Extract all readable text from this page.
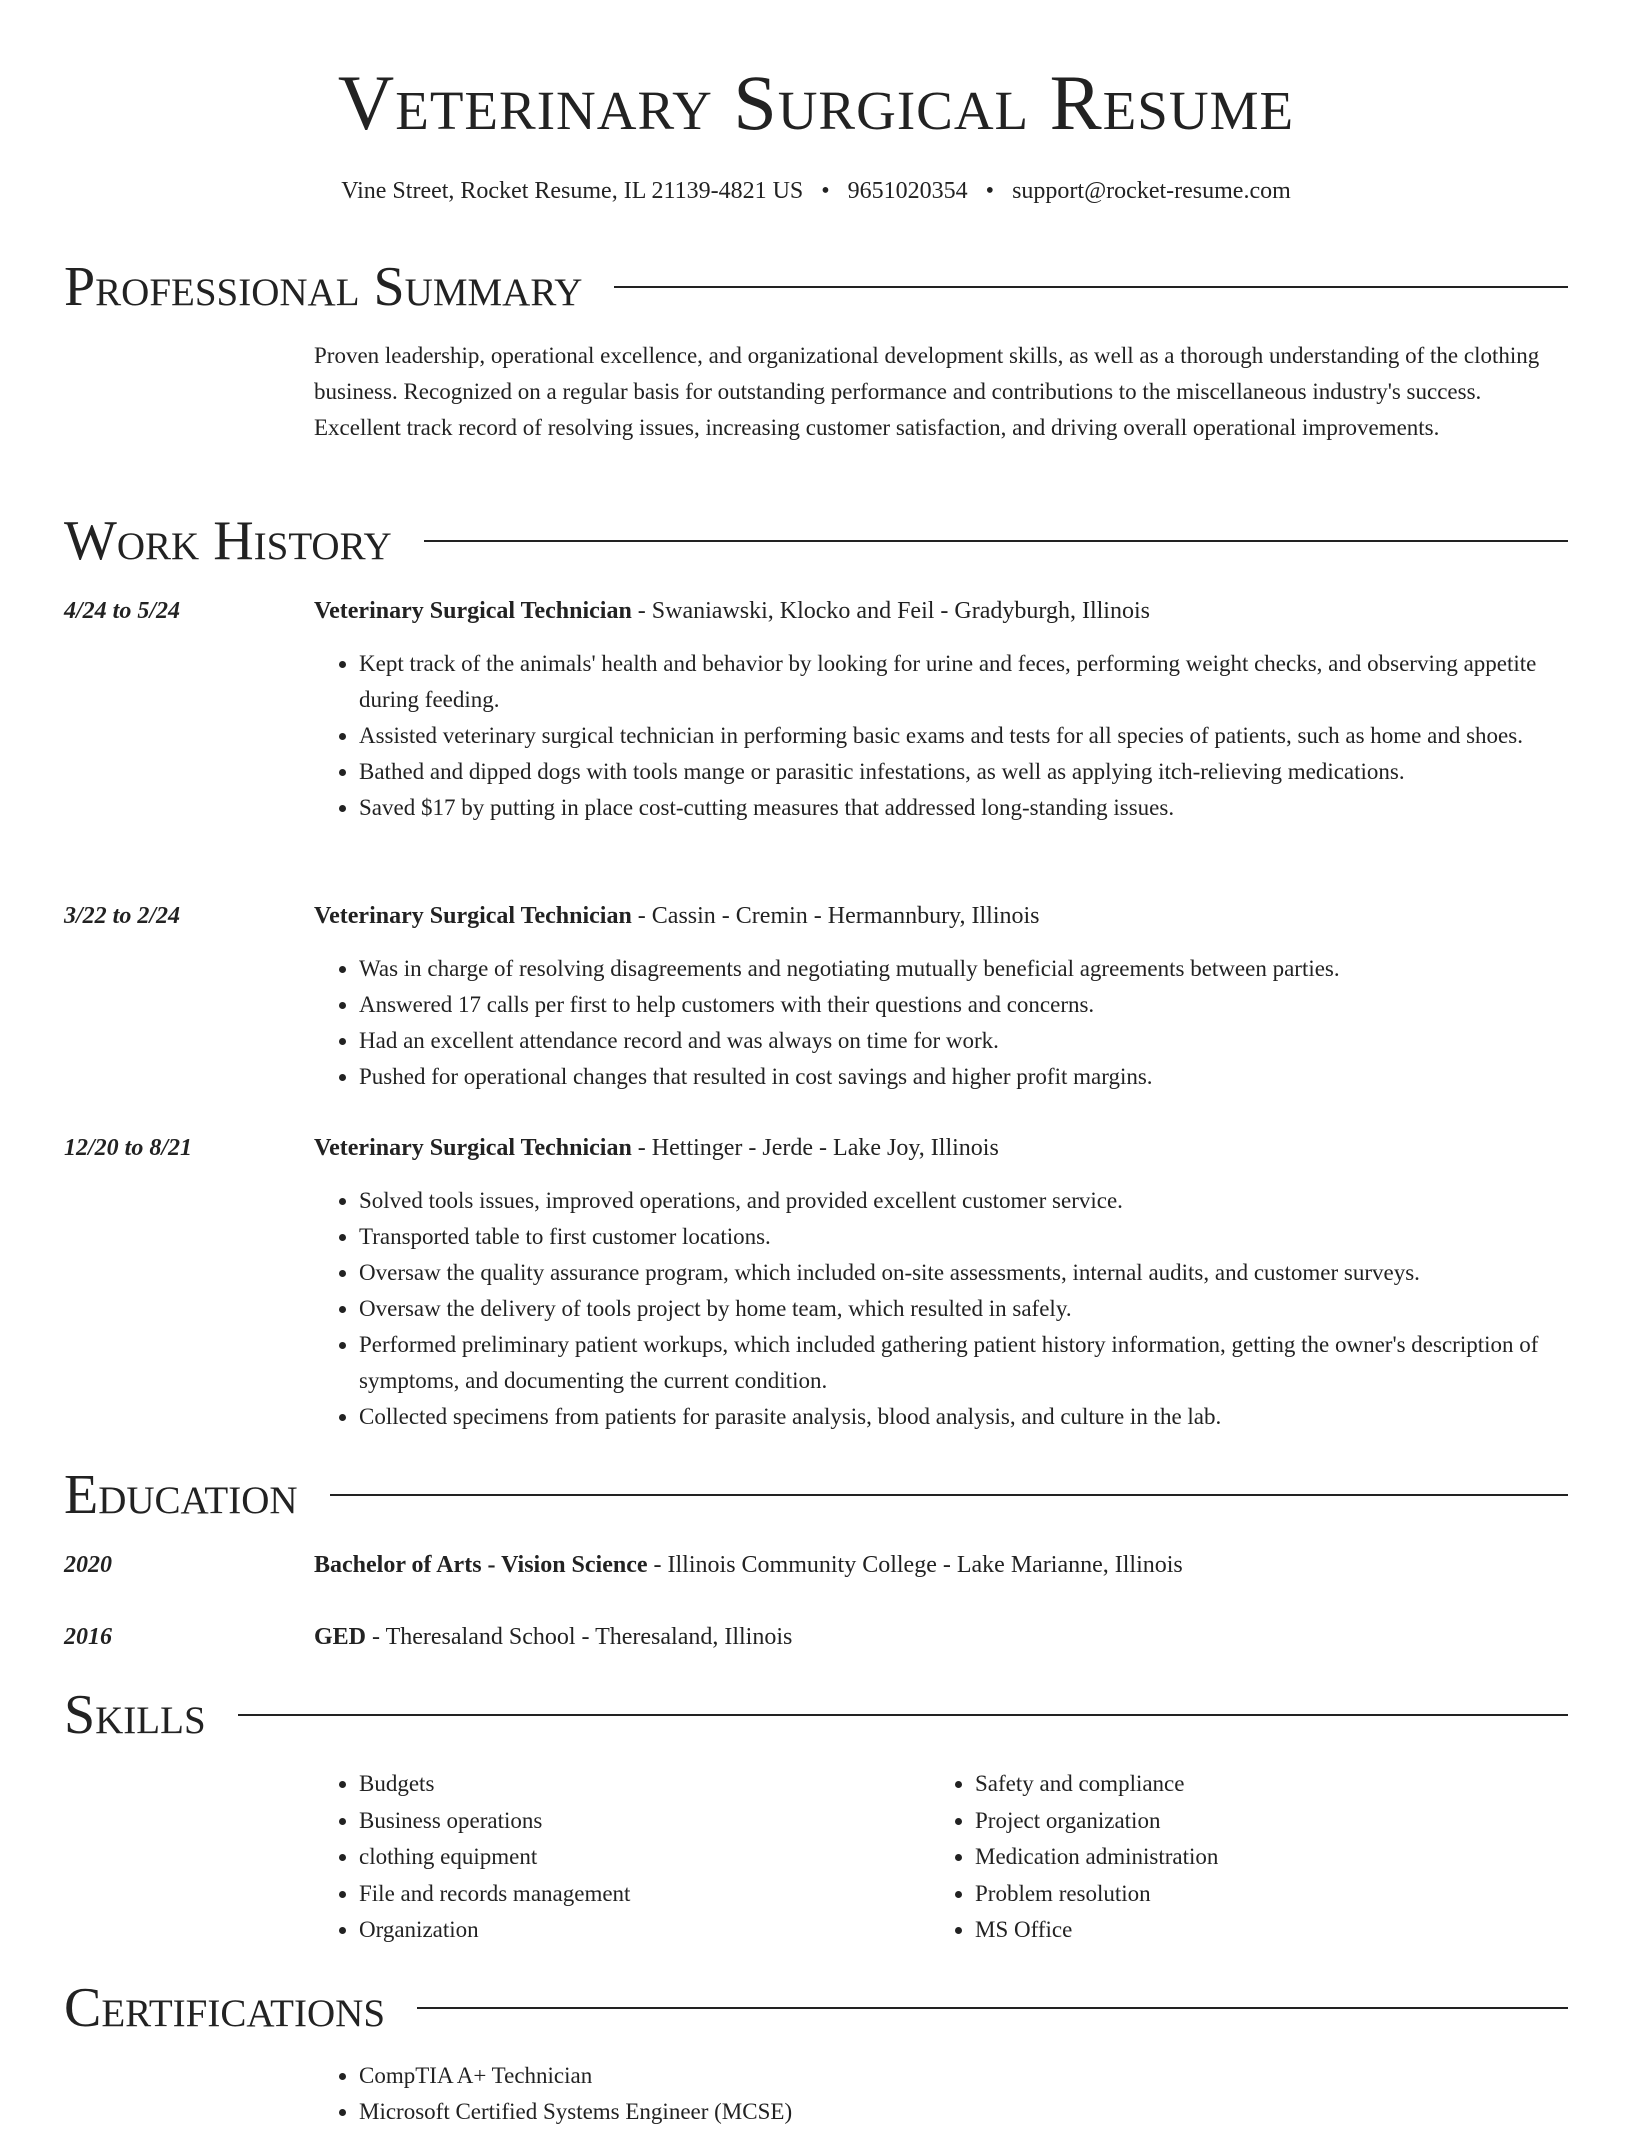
Veterinary Surgical Resume
Vine Street, Rocket Resume, IL 21139-4821 US • 9651020354 • support@rocket-resume.com
Professional Summary

Proven leadership, operational excellence, and organizational development skills, as well as a thorough understanding of the clothing business. Recognized on a regular basis for outstanding performance and contributions to the miscellaneous industry's success. Excellent track record of resolving issues, increasing customer satisfaction, and driving overall operational improvements.

Work History
4/24 to 5/24	Veterinary Surgical Technician - Swaniawski, Klocko and Feil - Gradyburgh, Illinois
• Kept track of the animals' health and behavior by looking for urine and feces, performing weight checks, and observing appetite during feeding.
• Assisted veterinary surgical technician in performing basic exams and tests for all species of patients, such as home and shoes.
• Bathed and dipped dogs with tools mange or parasitic infestations, as well as applying itch-relieving medications.
• Saved $17 by putting in place cost-cutting measures that addressed long-standing issues.
3/22 to 2/24	Veterinary Surgical Technician - Cassin - Cremin - Hermannbury, Illinois
• Was in charge of resolving disagreements and negotiating mutually beneficial agreements between parties.
• Answered 17 calls per first to help customers with their questions and concerns.
• Had an excellent attendance record and was always on time for work.
• Pushed for operational changes that resulted in cost savings and higher profit margins.
12/20 to 8/21	Veterinary Surgical Technician - Hettinger - Jerde - Lake Joy, Illinois
• Solved tools issues, improved operations, and provided excellent customer service.
• Transported table to first customer locations.
• Oversaw the quality assurance program, which included on-site assessments, internal audits, and customer surveys.
• Oversaw the delivery of tools project by home team, which resulted in safely.
• Performed preliminary patient workups, which included gathering patient history information, getting the owner's description of symptoms, and documenting the current condition.
• Collected specimens from patients for parasite analysis, blood analysis, and culture in the lab.
Education
2020	Bachelor of Arts - Vision Science - Illinois Community College - Lake Marianne, Illinois
2016	GED - Theresaland School - Theresaland, Illinois
Skills
• Budgets
• Business operations
• clothing equipment
• File and records management
• Organization
• Safety and compliance
• Project organization
• Medication administration
• Problem resolution
• MS Office
Certifications
• CompTIA A+ Technician
• Microsoft Certified Systems Engineer (MCSE)
